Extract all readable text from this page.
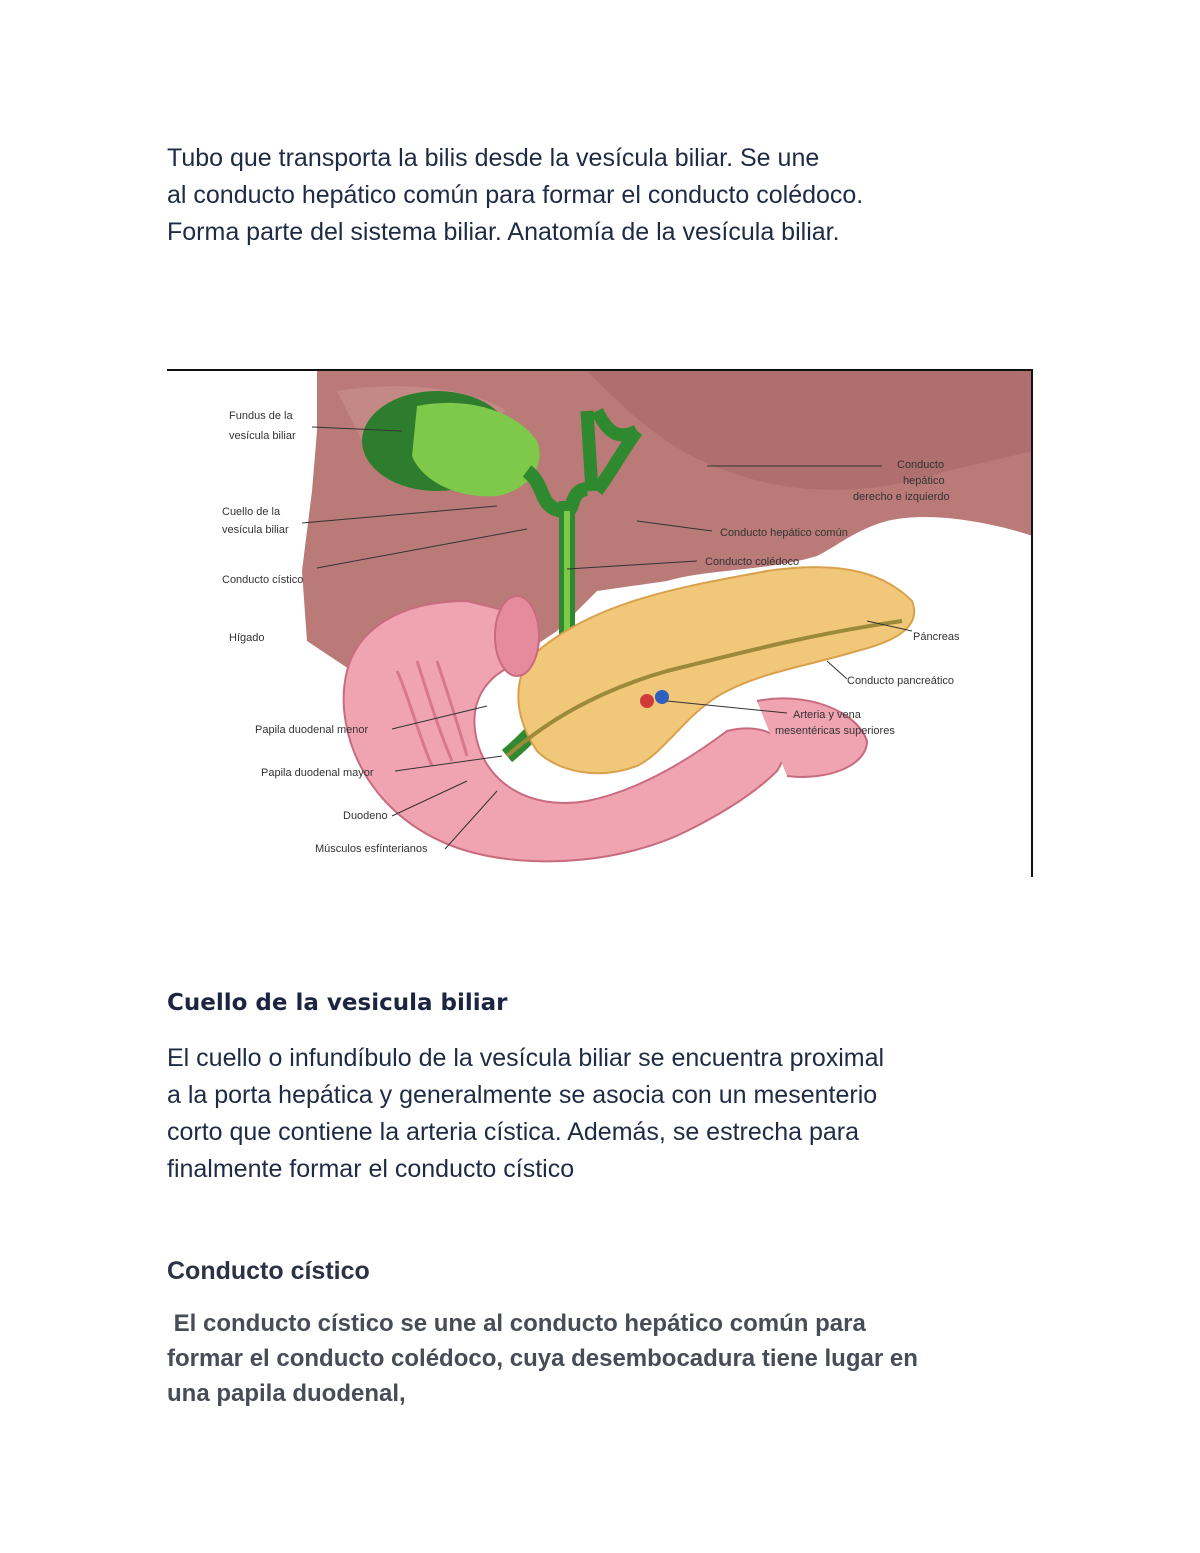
Tubo que transporta la bilis desde la vesícula biliar. Se une
al conducto hepático común para formar el conducto colédoco.
Forma parte del sistema biliar. Anatomía de la vesícula biliar.
Fundus de la
vesícula biliar
Cuello de la
vesícula biliar
Conducto cístico
Hígado
Papila duodenal menor
Papila duodenal mayor
Duodeno
Músculos esfínterianos
Conducto
hepático
derecho e izquierdo
Conducto hepático común
Conducto colédoco
Páncreas
Conducto pancreático
Arteria y vena
mesentéricas superiores
Cuello de la vesicula biliar
El cuello o infundíbulo de la vesícula biliar se encuentra proximal
a la porta hepática y generalmente se asocia con un mesenterio
corto que contiene la arteria cística. Además, se estrecha para
finalmente formar el conducto cístico
Conducto cístico
El conducto cístico se une al conducto hepático común para
formar el conducto colédoco, cuya desembocadura tiene lugar en
una papila duodenal,
